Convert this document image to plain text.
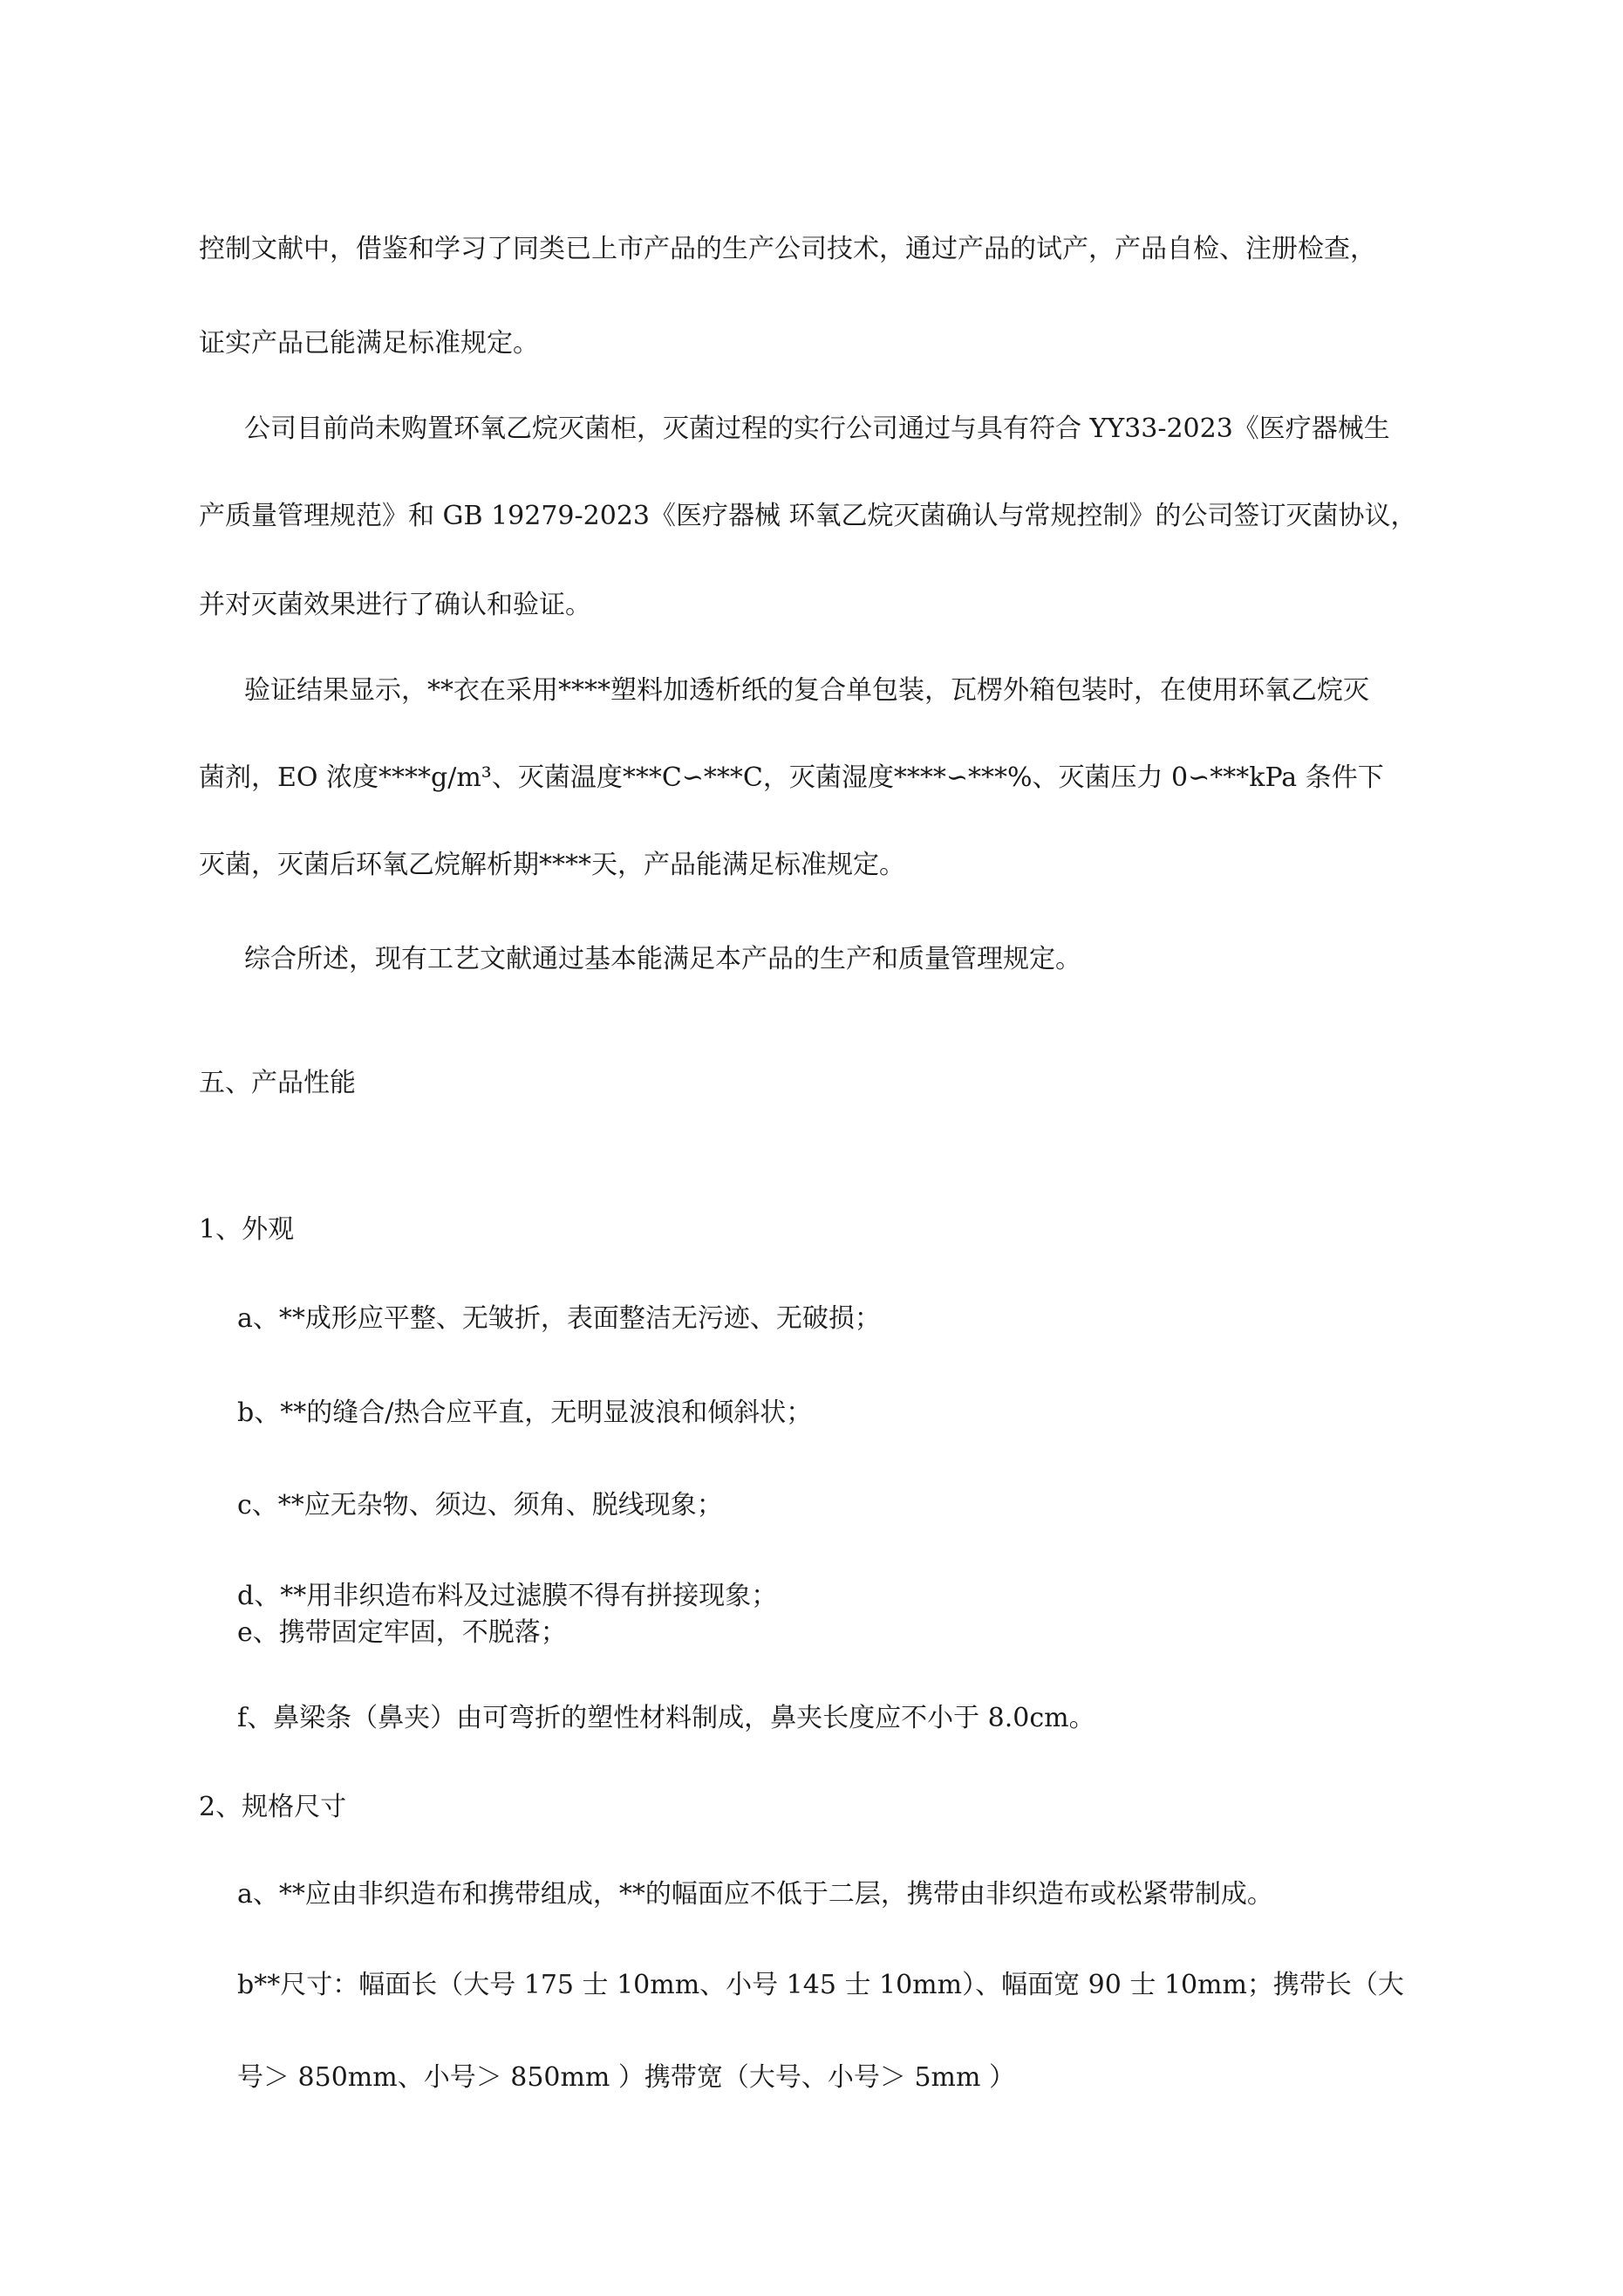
控制文献中，借鉴和学习了同类已上市产品的生产公司技术，通过产品的试产，产品自检、注册检查，
证实产品已能满足标准规定。
公司目前尚未购置环氧乙烷灭菌柜，灭菌过程的实行公司通过与具有符合 YY33-2023《医疗器械生
产质量管理规范》和 GB 19279-2023《医疗器械 环氧乙烷灭菌确认与常规控制》的公司签订灭菌协议，
并对灭菌效果进行了确认和验证。
验证结果显示，**衣在采用****塑料加透析纸的复合单包装，瓦楞外箱包装时，在使用环氧乙烷灭
菌剂，EO 浓度****g/m³、灭菌温度***C∽***C，灭菌湿度****∽***%、灭菌压力 0∽***kPa 条件下
灭菌，灭菌后环氧乙烷解析期****天，产品能满足标准规定。
综合所述，现有工艺文献通过基本能满足本产品的生产和质量管理规定。
五、产品性能
1、外观
a、**成形应平整、无皱折，表面整洁无污迹、无破损；
b、**的缝合/热合应平直，无明显波浪和倾斜状；
c、**应无杂物、须边、须角、脱线现象；
d、**用非织造布料及过滤膜不得有拼接现象；
e、携带固定牢固，不脱落；
f、鼻梁条（鼻夹）由可弯折的塑性材料制成，鼻夹长度应不小于 8.0cm。
2、规格尺寸
a、**应由非织造布和携带组成，**的幅面应不低于二层，携带由非织造布或松紧带制成。
b**尺寸：幅面长（大号 175 士 10mm、小号 145 士 10mm）、幅面宽 90 士 10mm；携带长（大
号＞ 850mm、小号＞ 850mm ）携带宽（大号、小号＞ 5mm ）
